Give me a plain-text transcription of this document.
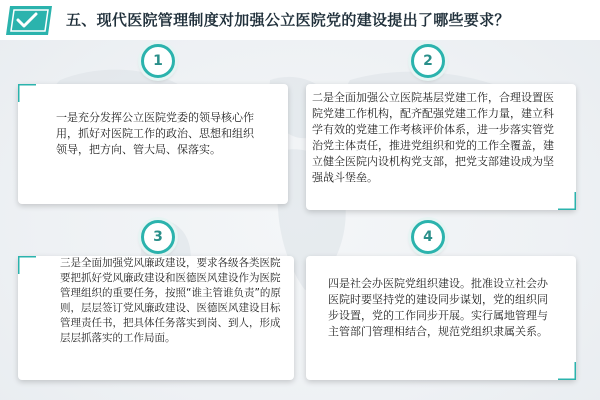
五、现代医院管理制度对加强公立医院党的建设提出了哪些要求？
1	2
3	4
一是充分发挥公立医院党委的领导核心作用，抓好对医院工作的政治、思想和组织领导，把方向、管大局、保落实。
二是全面加强公立医院基层党建工作，合理设置医院党建工作机构，配齐配强党建工作力量，建立科学有效的党建工作考核评价体系，进一步落实管党治党主体责任，推进党组织和党的工作全覆盖，建立健全医院内设机构党支部，把党支部建设成为坚强战斗堡垒。
三是全面加强党风廉政建设，要求各级各类医院要把抓好党风廉政建设和医德医风建设作为医院管理组织的重要任务，按照“谁主管谁负责”的原则，层层签订党风廉政建设、医德医风建设目标管理责任书，把具体任务落实到岗、到人，形成层层抓落实的工作局面。
四是社会办医院党组织建设。批准设立社会办医院时要坚持党的建设同步谋划，党的组织同步设置，党的工作同步开展。实行属地管理与主管部门管理相结合，规范党组织隶属关系。
